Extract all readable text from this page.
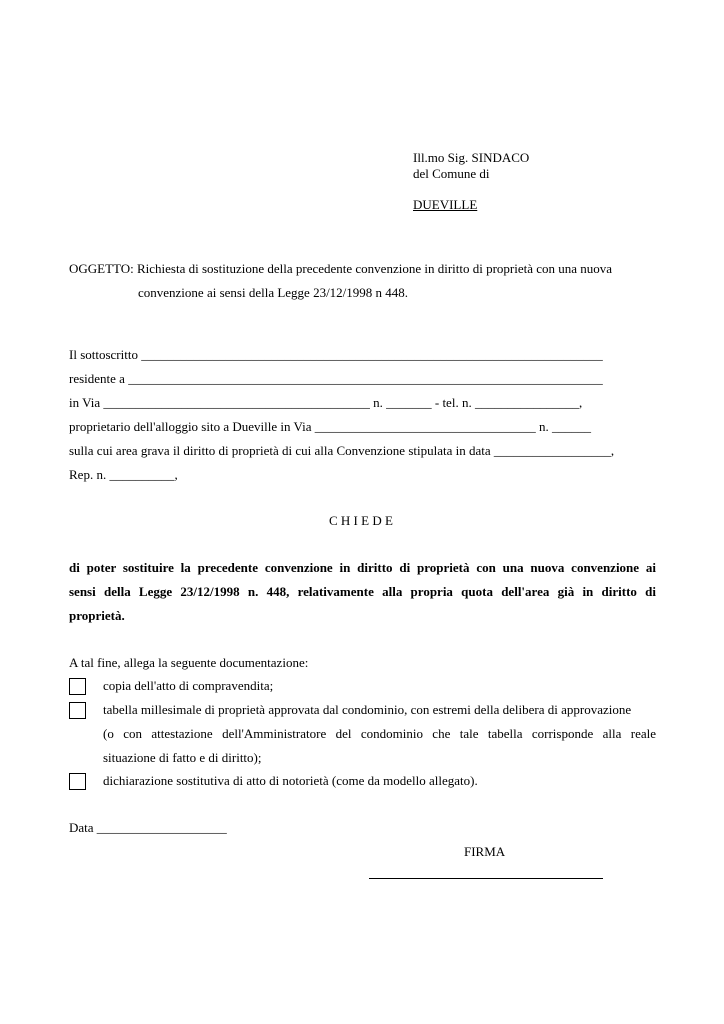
Ill.mo Sig. SINDACO
del Comune di
DUEVILLE
OGGETTO: Richiesta di sostituzione della precedente convenzione in diritto di proprietà con una nuova
convenzione ai sensi della Legge 23/12/1998 n 448.
Il sottoscritto _______________________________________________________________________
residente a _________________________________________________________________________
in Via _________________________________________ n. _______ - tel. n. ________________,
proprietario dell'alloggio sito a Dueville in Via __________________________________ n. ______
sulla cui area grava il diritto di proprietà di cui alla Convenzione stipulata in data __________________,
Rep. n. __________,
C H I E D E
di poter sostituire la precedente convenzione in diritto di proprietà con una nuova convenzione ai
sensi della Legge 23/12/1998 n. 448, relativamente alla propria quota dell'area già in diritto di
proprietà.
A tal fine, allega la seguente documentazione:
copia dell'atto di compravendita;
tabella millesimale di proprietà approvata dal condominio, con estremi della delibera di approvazione
(o con attestazione dell'Amministratore del condominio che tale tabella corrisponde alla reale
situazione di fatto e di diritto);
dichiarazione sostitutiva di atto di notorietà (come da modello allegato).
Data ____________________
FIRMA
